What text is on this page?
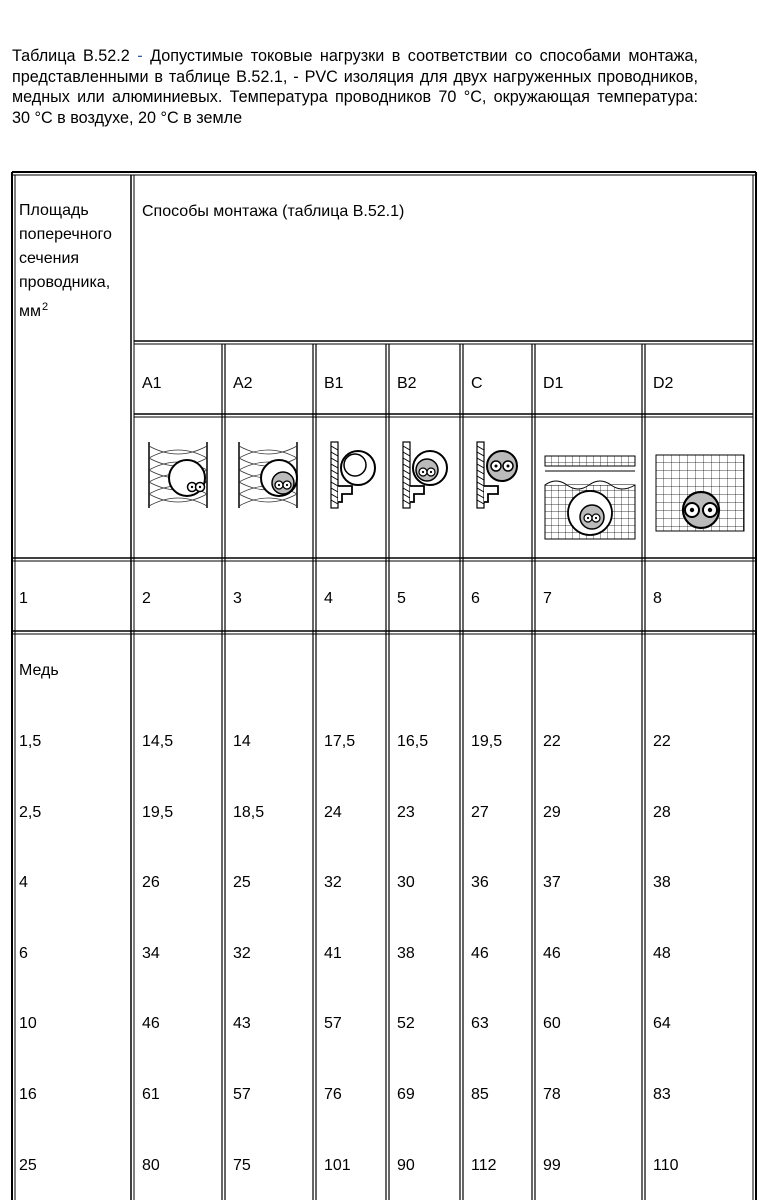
Таблица В.52.2 - Допустимые токовые нагрузки в соответствии со способами монтажа, представленными в таблице В.52.1, - PVC изоляция для двух нагруженных проводников, медных или алюминиевых. Температура проводников 70 °С, окружающая температура: 30 °С в воздухе, 20 °С в земле

Площадь поперечного сечения проводника,
$мм^2$
Способы монтажа (таблица В.52.1)
A1	A2	B1	B2	C	D1	D2
1	2	3	4	5	6	7	8
Медь
1,5	14,5	14	17,5	16,5	19,5	22	22
2,5	19,5	18,5	24	23	27	29	28
4	26	25	32	30	36	37	38
6	34	32	41	38	46	46	48
10	46	43	57	52	63	60	64
16	61	57	76	69	85	78	83
25	80	75	101	90	112	99	110
